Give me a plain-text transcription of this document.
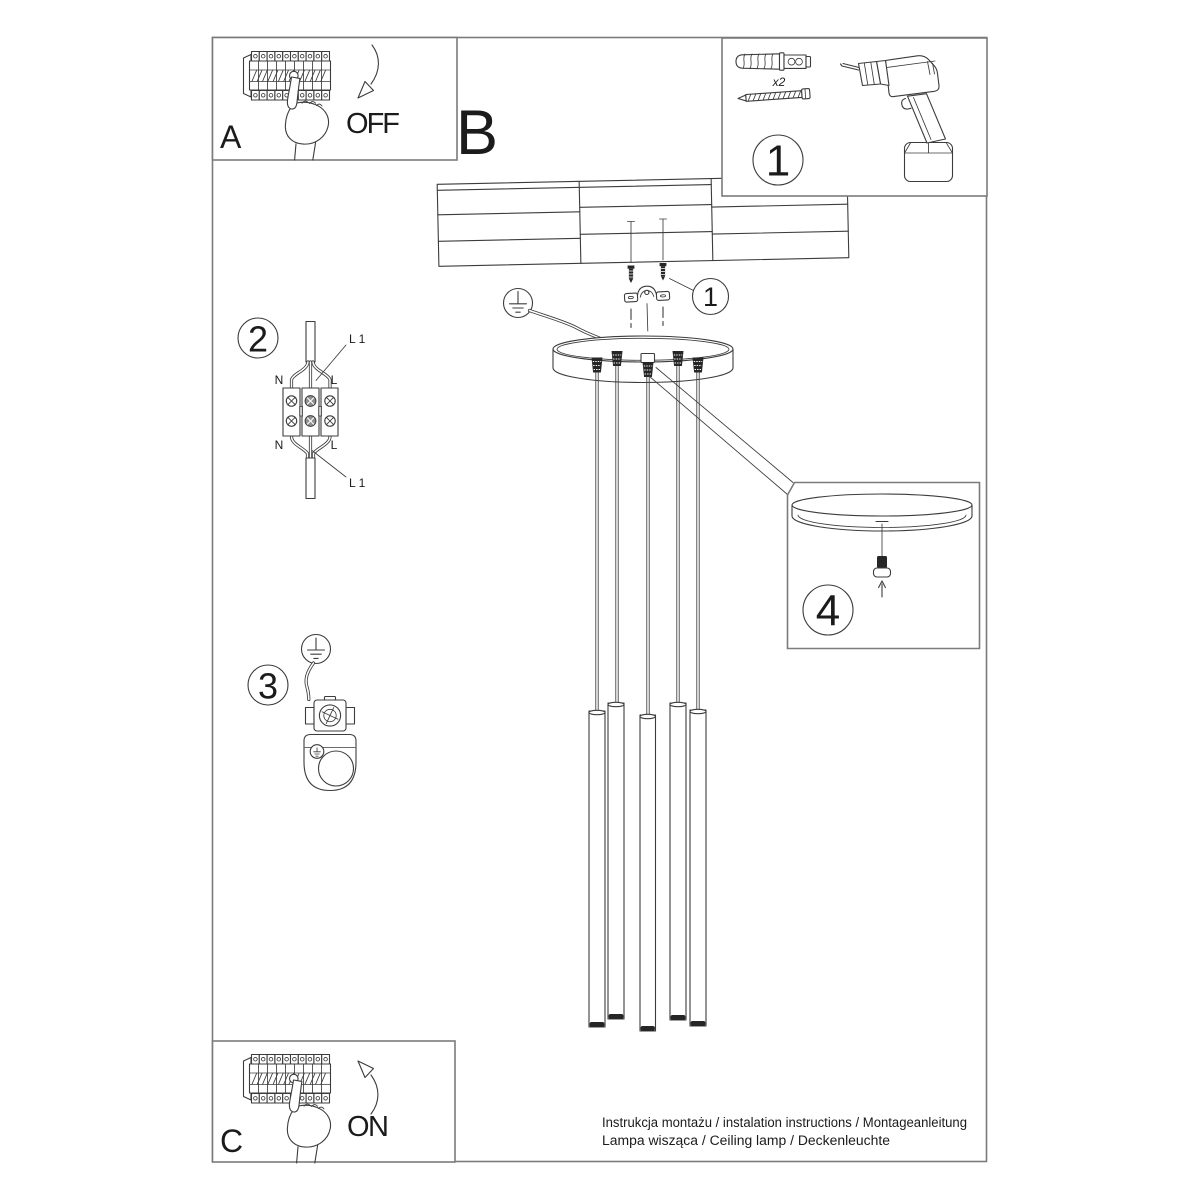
1
4
A	OFF
x2
1
B
2	L 1
N	L
N	L
L 1
3
C	ON	Instrukcja montażu / instalation instructions / Montageanleitung
Lampa wisząca / Ceiling lamp / Deckenleuchte
